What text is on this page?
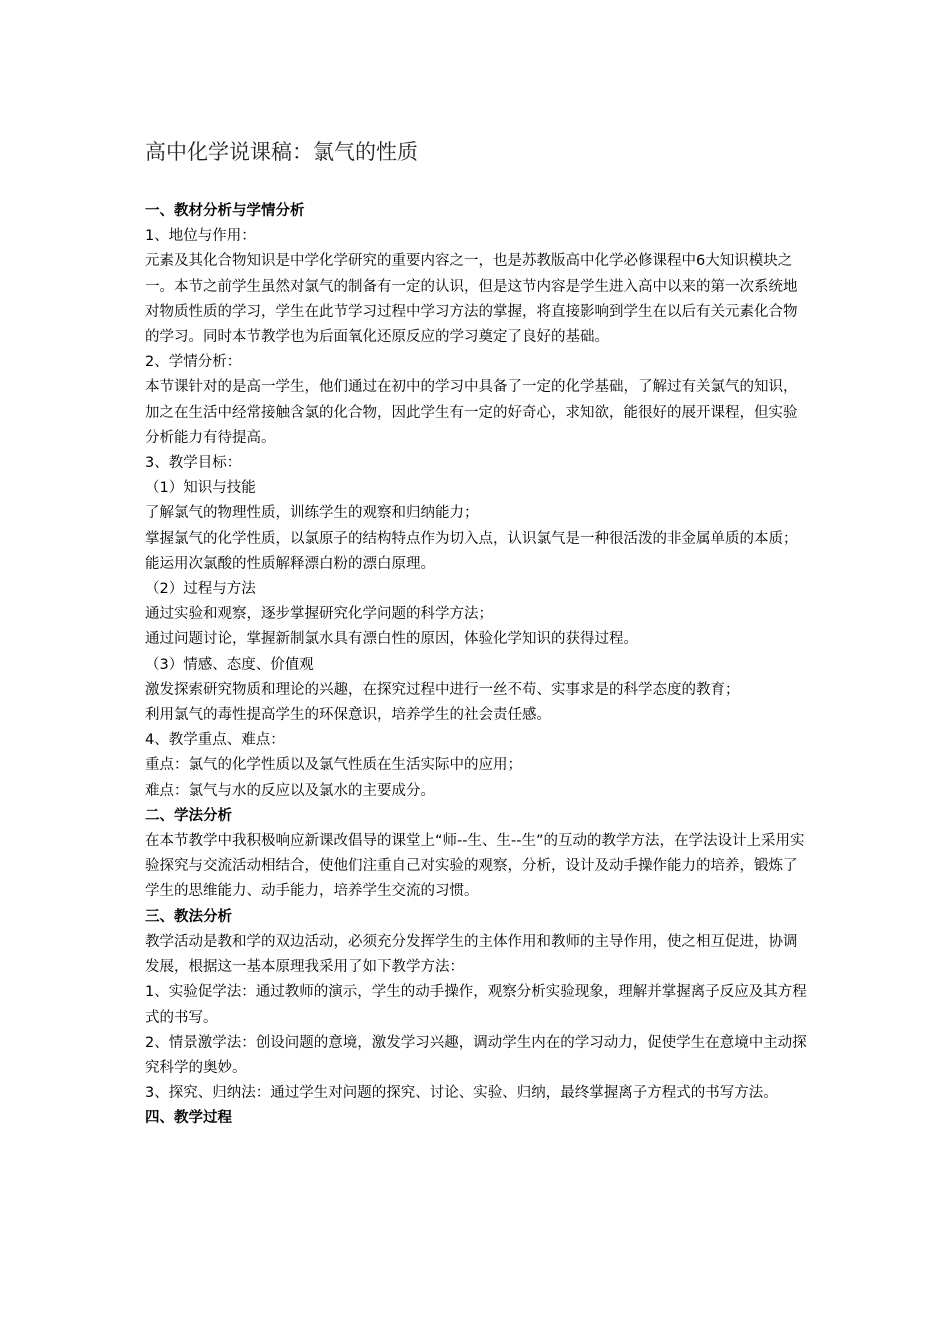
高中化学说课稿：氯气的性质

一、教材分析与学情分析

1、地位与作用：

元素及其化合物知识是中学化学研究的重要内容之一，也是苏教版高中化学必修课程中6大知识模块之一。本节之前学生虽然对氯气的制备有一定的认识，但是这节内容是学生进入高中以来的第一次系统地对物质性质的学习，学生在此节学习过程中学习方法的掌握，将直接影响到学生在以后有关元素化合物的学习。同时本节教学也为后面氧化还原反应的学习奠定了良好的基础。

2、学情分析：

本节课针对的是高一学生，他们通过在初中的学习中具备了一定的化学基础，了解过有关氯气的知识，加之在生活中经常接触含氯的化合物，因此学生有一定的好奇心，求知欲，能很好的展开课程，但实验分析能力有待提高。

3、教学目标：

（1）知识与技能

了解氯气的物理性质，训练学生的观察和归纳能力；

掌握氯气的化学性质，以氯原子的结构特点作为切入点，认识氯气是一种很活泼的非金属单质的本质；

能运用次氯酸的性质解释漂白粉的漂白原理。

（2）过程与方法

通过实验和观察，逐步掌握研究化学问题的科学方法；

通过问题讨论，掌握新制氯水具有漂白性的原因，体验化学知识的获得过程。

（3）情感、态度、价值观

激发探索研究物质和理论的兴趣，在探究过程中进行一丝不苟、实事求是的科学态度的教育；

利用氯气的毒性提高学生的环保意识，培养学生的社会责任感。

4、教学重点、难点：

重点：氯气的化学性质以及氯气性质在生活实际中的应用；

难点：氯气与水的反应以及氯水的主要成分。

二、学法分析

在本节教学中我积极响应新课改倡导的课堂上“师--生、生--生”的互动的教学方法，在学法设计上采用实验探究与交流活动相结合，使他们注重自己对实验的观察，分析，设计及动手操作能力的培养，锻炼了学生的思维能力、动手能力，培养学生交流的习惯。

三、教法分析

教学活动是教和学的双边活动，必须充分发挥学生的主体作用和教师的主导作用，使之相互促进，协调发展，根据这一基本原理我采用了如下教学方法：

1、实验促学法：通过教师的演示，学生的动手操作，观察分析实验现象，理解并掌握离子反应及其方程式的书写。

2、情景激学法：创设问题的意境，激发学习兴趣，调动学生内在的学习动力，促使学生在意境中主动探究科学的奥妙。

3、探究、归纳法：通过学生对问题的探究、讨论、实验、归纳，最终掌握离子方程式的书写方法。

四、教学过程
